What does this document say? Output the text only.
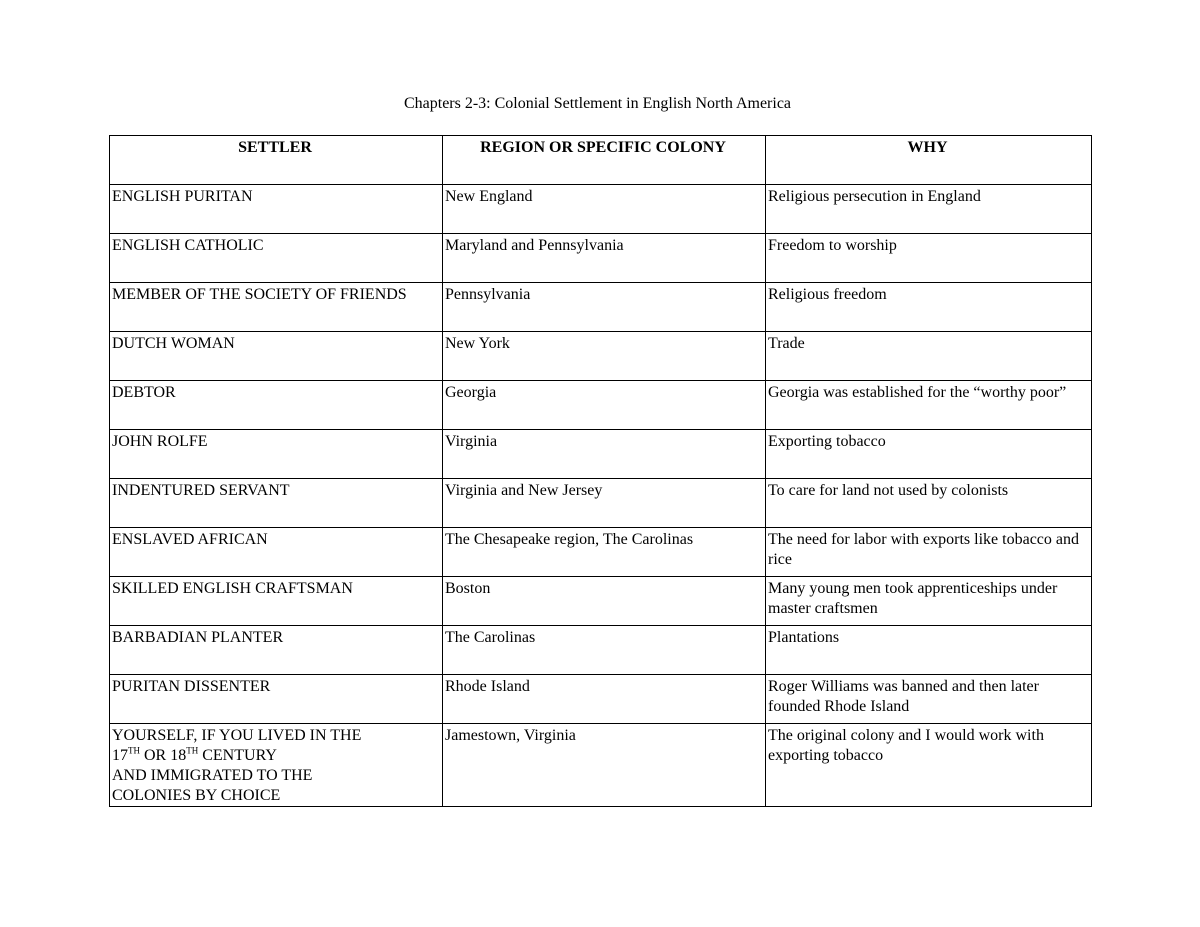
Chapters 2-3: Colonial Settlement in English North America
SETTLER	REGION OR SPECIFIC COLONY	WHY
ENGLISH PURITAN	New England	Religious persecution in England
ENGLISH CATHOLIC	Maryland and Pennsylvania	Freedom to worship
MEMBER OF THE SOCIETY OF FRIENDS	Pennsylvania	Religious freedom
DUTCH WOMAN	New York	Trade
DEBTOR	Georgia	Georgia was established for the “worthy poor”
JOHN ROLFE	Virginia	Exporting tobacco
INDENTURED SERVANT	Virginia and New Jersey	To care for land not used by colonists
ENSLAVED AFRICAN	The Chesapeake region, The Carolinas	The need for labor with exports like tobacco and rice
SKILLED ENGLISH CRAFTSMAN	Boston	Many young men took apprenticeships under master craftsmen
BARBADIAN PLANTER	The Carolinas	Plantations
PURITAN DISSENTER	Rhode Island	Roger Williams was banned and then later founded Rhode Island

YOURSELF, IF YOU LIVED IN THE
17TH OR 18TH CENTURY
AND IMMIGRATED TO THE
COLONIES BY CHOICE	Jamestown, Virginia	The original colony and I would work with exporting tobacco
